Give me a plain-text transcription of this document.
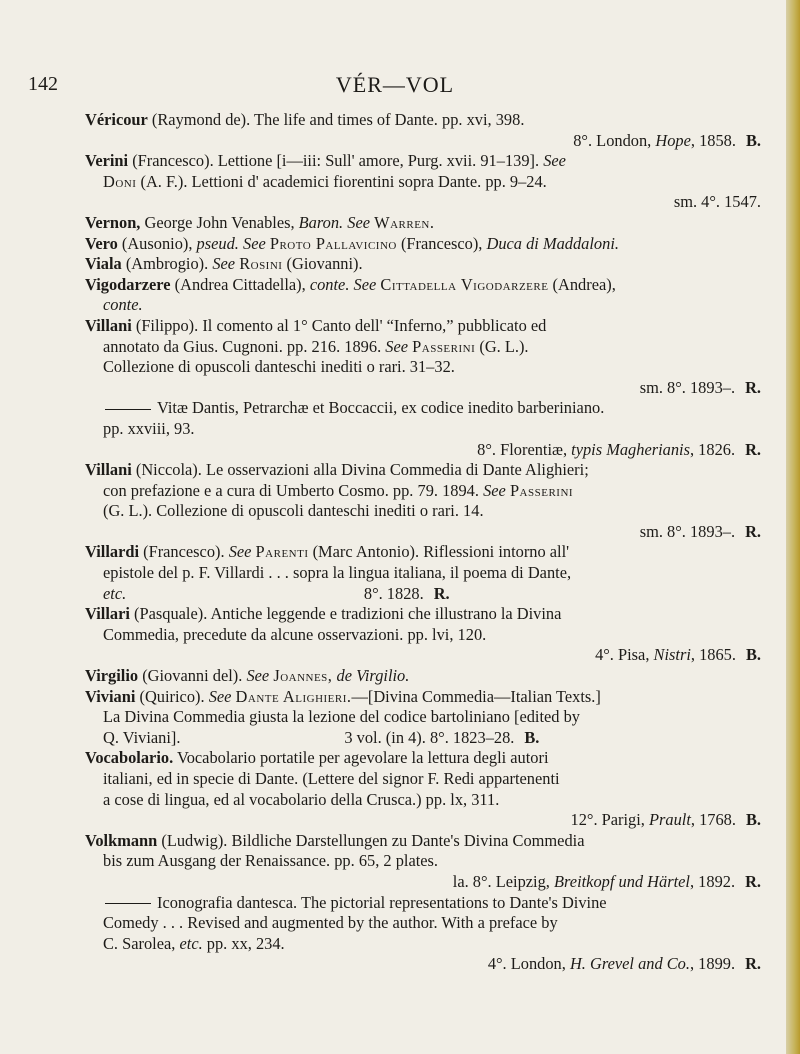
142	VÉR—VOL
Véricour (Raymond de). The life and times of Dante. pp. xvi, 398.
8°. London, Hope, 1858. B.
Verini (Francesco). Lettione [i—iii: Sull' amore, Purg. xvii. 91–139]. See
Doni (A. F.). Lettioni d' academici fiorentini sopra Dante. pp. 9–24.
sm. 4°. 1547.
Vernon, George John Venables, Baron. See Warren.
Vero (Ausonio), pseud. See Proto Pallavicino (Francesco), Duca di Maddaloni.
Viala (Ambrogio). See Rosini (Giovanni).
Vigodarzere (Andrea Cittadella), conte. See Cittadella Vigodarzere (Andrea),
conte.
Villani (Filippo). Il comento al 1° Canto dell' “Inferno,” pubblicato ed
annotato da Gius. Cugnoni. pp. 216. 1896. See Passerini (G. L.).
Collezione di opuscoli danteschi inediti o rari. 31–32.
sm. 8°. 1893–. R.
Vitæ Dantis, Petrarchæ et Boccaccii, ex codice inedito barberiniano.
pp. xxviii, 93.
8°. Florentiæ, typis Magherianis, 1826. R.
Villani (Niccola). Le osservazioni alla Divina Commedia di Dante Alighieri;
con prefazione e a cura di Umberto Cosmo. pp. 79. 1894. See Passerini
(G. L.). Collezione di opuscoli danteschi inediti o rari. 14.
sm. 8°. 1893–. R.
Villardi (Francesco). See Parenti (Marc Antonio). Riflessioni intorno all'
epistole del p. F. Villardi . . . sopra la lingua italiana, il poema di Dante,
etc.                                                          8°. 1828. R.
Villari (Pasquale). Antiche leggende e tradizioni che illustrano la Divina
Commedia, precedute da alcune osservazioni. pp. lvi, 120.
4°. Pisa, Nistri, 1865. B.
Virgilio (Giovanni del). See Joannes, de Virgilio.
Viviani (Quirico). See Dante Alighieri.—[Divina Commedia—Italian Texts.]
La Divina Commedia giusta la lezione del codice bartoliniano [edited by
Q. Viviani].                                        3 vol. (in 4). 8°. 1823–28. B.
Vocabolario. Vocabolario portatile per agevolare la lettura degli autori
italiani, ed in specie di Dante. (Lettere del signor F. Redi appartenenti
a cose di lingua, ed al vocabolario della Crusca.) pp. lx, 311.
12°. Parigi, Prault, 1768. B.
Volkmann (Ludwig). Bildliche Darstellungen zu Dante's Divina Commedia
bis zum Ausgang der Renaissance. pp. 65, 2 plates.
la. 8°. Leipzig, Breitkopf und Härtel, 1892. R.
Iconografia dantesca. The pictorial representations to Dante's Divine
Comedy . . . Revised and augmented by the author. With a preface by
C. Sarolea, etc. pp. xx, 234.
4°. London, H. Grevel and Co., 1899. R.
